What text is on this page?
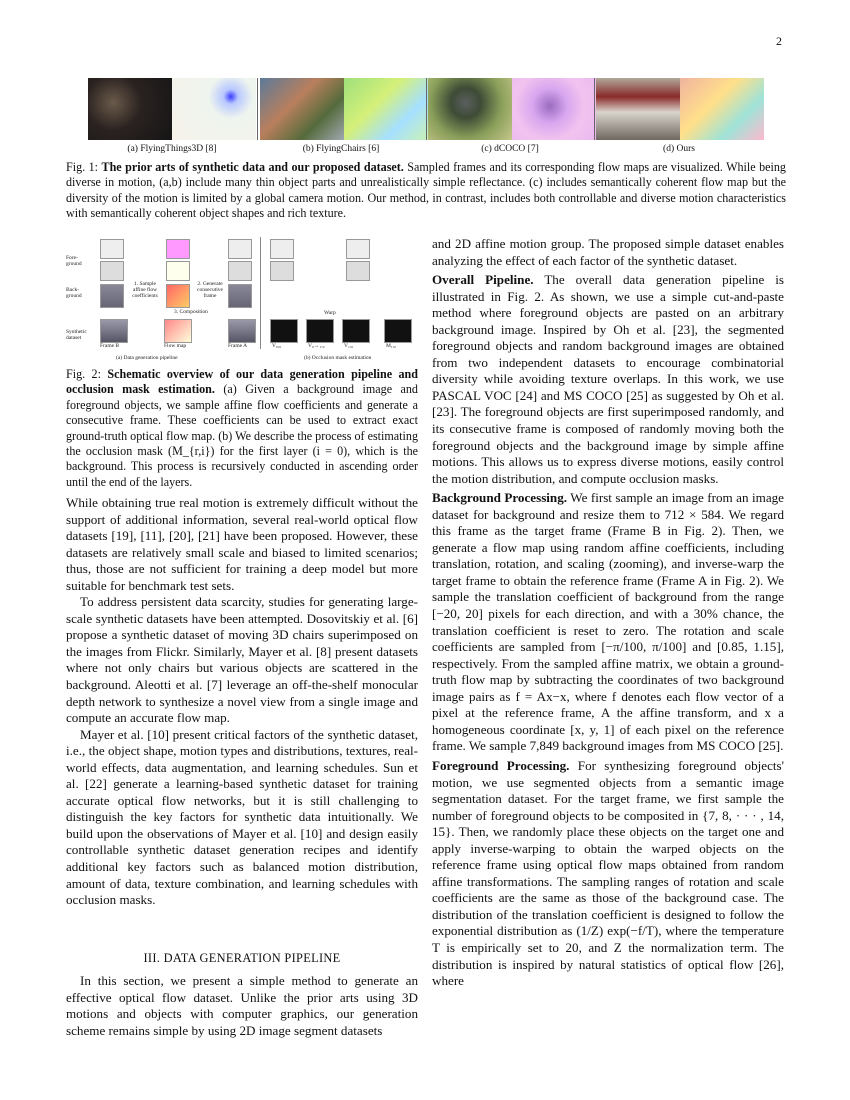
2
(a) FlyingThings3D [8]	(b) FlyingChairs [6]	(c) dCOCO [7]	(d) Ours
Fig. 1: The prior arts of synthetic data and our proposed dataset. Sampled frames and its corresponding flow maps are visualized. While being diverse in motion, (a,b) include many thin object parts and unrealistically simple reflectance. (c) includes semantically coherent flow map but the diversity of the motion is limited by a global camera motion. Our method, in contrast, includes both controllable and diverse motion characteristics with semantically coherent object shapes and rich texture.
Fore-
ground
Back-
ground
Synthetic
dataset
1. Sample affine flow coefficients
2. Generate consecutive frame
3. Composition
Frame B	Flow map	Frame A
(a) Data generation pipeline
Warp
V₀,₀	V₀→₁,₀	V₁,₀	M₁,₀
(b) Occlusion mask estimation
Fig. 2: Schematic overview of our data generation pipeline and occlusion mask estimation. (a) Given a background image and foreground objects, we sample affine flow coefficients and generate a consecutive frame. These coefficients can be used to extract exact ground-truth optical flow map. (b) We describe the process of estimating the occlusion mask (M_{r,i}) for the first layer (i = 0), which is the background. This process is recursively conducted in ascending order until the end of the layers.

While obtaining true real motion is extremely difficult without the support of additional information, several real-world optical flow datasets [19], [11], [20], [21] have been proposed. However, these datasets are relatively small scale and biased to limited scenarios; thus, those are not sufficient for training a deep model but more suitable for benchmark test sets.

To address persistent data scarcity, studies for generating large-scale synthetic datasets have been attempted. Dosovitskiy et al. [6] propose a synthetic dataset of moving 3D chairs superimposed on the images from Flickr. Similarly, Mayer et al. [8] present datasets where not only chairs but various objects are scattered in the background. Aleotti et al. [7] leverage an off-the-shelf monocular depth network to synthesize a novel view from a single image and compute an accurate flow map.

Mayer et al. [10] present critical factors of the synthetic dataset, i.e., the object shape, motion types and distributions, textures, real-world effects, data augmentation, and learning schedules. Sun et al. [22] generate a learning-based synthetic dataset for training accurate optical flow networks, but it is still challenging to distinguish the key factors for synthetic data intuitionally. We build upon the observations of Mayer et al. [10] and design easily controllable synthetic dataset generation recipes and identify additional key factors such as balanced motion distribution, amount of data, texture combination, and learning schedules with occlusion masks.

III. DATA GENERATION PIPELINE

In this section, we present a simple method to generate an effective optical flow dataset. Unlike the prior arts using 3D motions and objects with computer graphics, our generation scheme remains simple by using 2D image segment datasets

and 2D affine motion group. The proposed simple dataset enables analyzing the effect of each factor of the synthetic dataset.

Overall Pipeline. The overall data generation pipeline is illustrated in Fig. 2. As shown, we use a simple cut-and-paste method where foreground objects are pasted on an arbitrary background image. Inspired by Oh et al. [23], the segmented foreground objects and random background images are obtained from two independent datasets to encourage combinatorial diversity while avoiding texture overlaps. In this work, we use PASCAL VOC [24] and MS COCO [25] as suggested by Oh et al. [23]. The foreground objects are first superimposed randomly, and its consecutive frame is composed of randomly moving both the foreground objects and the background image by simple affine motions. This allows us to express diverse motions, easily control the motion distribution, and compute occlusion masks.

Background Processing. We first sample an image from an image dataset for background and resize them to 712 × 584. We regard this frame as the target frame (Frame B in Fig. 2). Then, we generate a flow map using random affine coefficients, including translation, rotation, and scaling (zooming), and inverse-warp the target frame to obtain the reference frame (Frame A in Fig. 2). We sample the translation coefficient of background from the range [−20, 20] pixels for each direction, and with a 30% chance, the translation coefficient is reset to zero. The rotation and scale coefficients are sampled from [−π/100, π/100] and [0.85, 1.15], respectively. From the sampled affine matrix, we obtain a ground-truth flow map by subtracting the coordinates of two background image pairs as f = Ax−x, where f denotes each flow vector of a pixel at the reference frame, A the affine transform, and x a homogeneous coordinate [x, y, 1] of each pixel on the reference frame. We sample 7,849 background images from MS COCO [25].

Foreground Processing. For synthesizing foreground objects' motion, we use segmented objects from a semantic image segmentation dataset. For the target frame, we first sample the number of foreground objects to be composited in {7, 8, · · · , 14, 15}. Then, we randomly place these objects on the target one and apply inverse-warping to obtain the warped objects on the reference frame using optical flow maps obtained from random affine transformations. The sampling ranges of rotation and scale coefficients are the same as those of the background case. The distribution of the translation coefficient is designed to follow the exponential distribution as (1/Z) exp(−f/T), where the temperature T is empirically set to 20, and Z the normalization term. The distribution is inspired by natural statistics of optical flow [26], where
